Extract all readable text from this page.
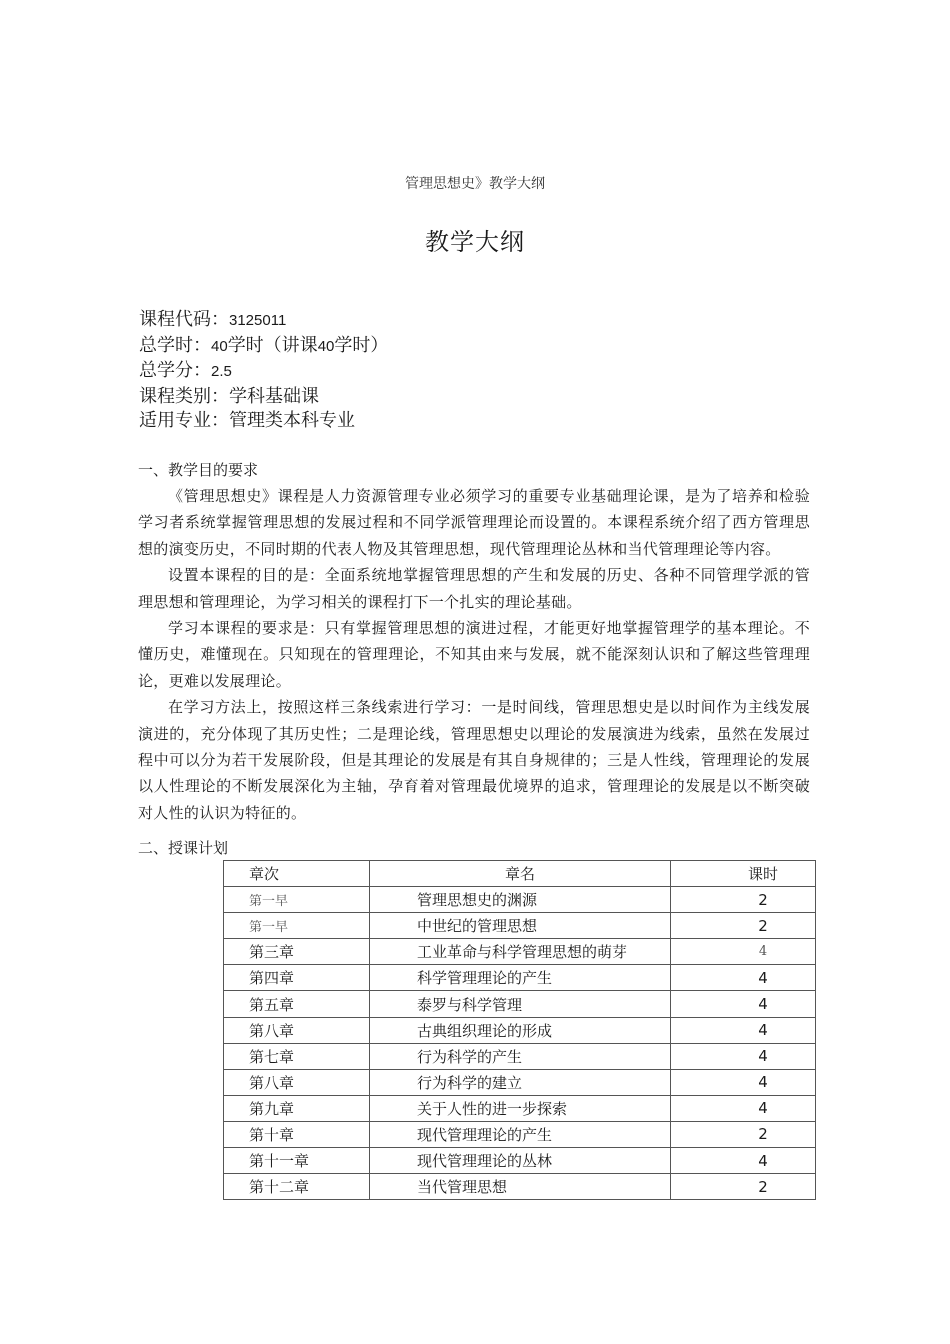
管理思想史》教学大纲
教学大纲
课程代码：3125011
总学时：40学时（讲课40学时）
总学分：2.5
课程类别：学科基础课
适用专业：管理类本科专业
一、教学目的要求

《管理思想史》课程是人力资源管理专业必须学习的重要专业基础理论课，是为了培养和检验学习者系统掌握管理思想的发展过程和不同学派管理理论而设置的。本课程系统介绍了西方管理思想的演变历史，不同时期的代表人物及其管理思想，现代管理理论丛林和当代管理理论等内容。

设置本课程的目的是：全面系统地掌握管理思想的产生和发展的历史、各种不同管理学派的管理思想和管理理论，为学习相关的课程打下一个扎实的理论基础。

学习本课程的要求是：只有掌握管理思想的演进过程，才能更好地掌握管理学的基本理论。不懂历史，难懂现在。只知现在的管理理论，不知其由来与发展，就不能深刻认识和了解这些管理理论，更难以发展理论。

在学习方法上，按照这样三条线索进行学习：一是时间线，管理思想史是以时间作为主线发展演进的，充分体现了其历史性；二是理论线，管理思想史以理论的发展演进为线索，虽然在发展过程中可以分为若干发展阶段，但是其理论的发展是有其自身规律的；三是人性线，管理理论的发展以人性理论的不断发展深化为主轴，孕育着对管理最优境界的追求，管理理论的发展是以不断突破对人性的认识为特征的。

二、授课计划
章次	章名	课时
第一早	管理思想史的渊源	2
第一早	中世纪的管理思想	2
第三章	工业革命与科学管理思想的萌芽	4
第四章	科学管理理论的产生	4
第五章	泰罗与科学管理	4
第八章	古典组织理论的形成	4
第七章	行为科学的产生	4
第八章	行为科学的建立	4
第九章	关于人性的进一步探索	4
第十章	现代管理理论的产生	2
第十一章	现代管理理论的丛林	4
第十二章	当代管理思想	2
